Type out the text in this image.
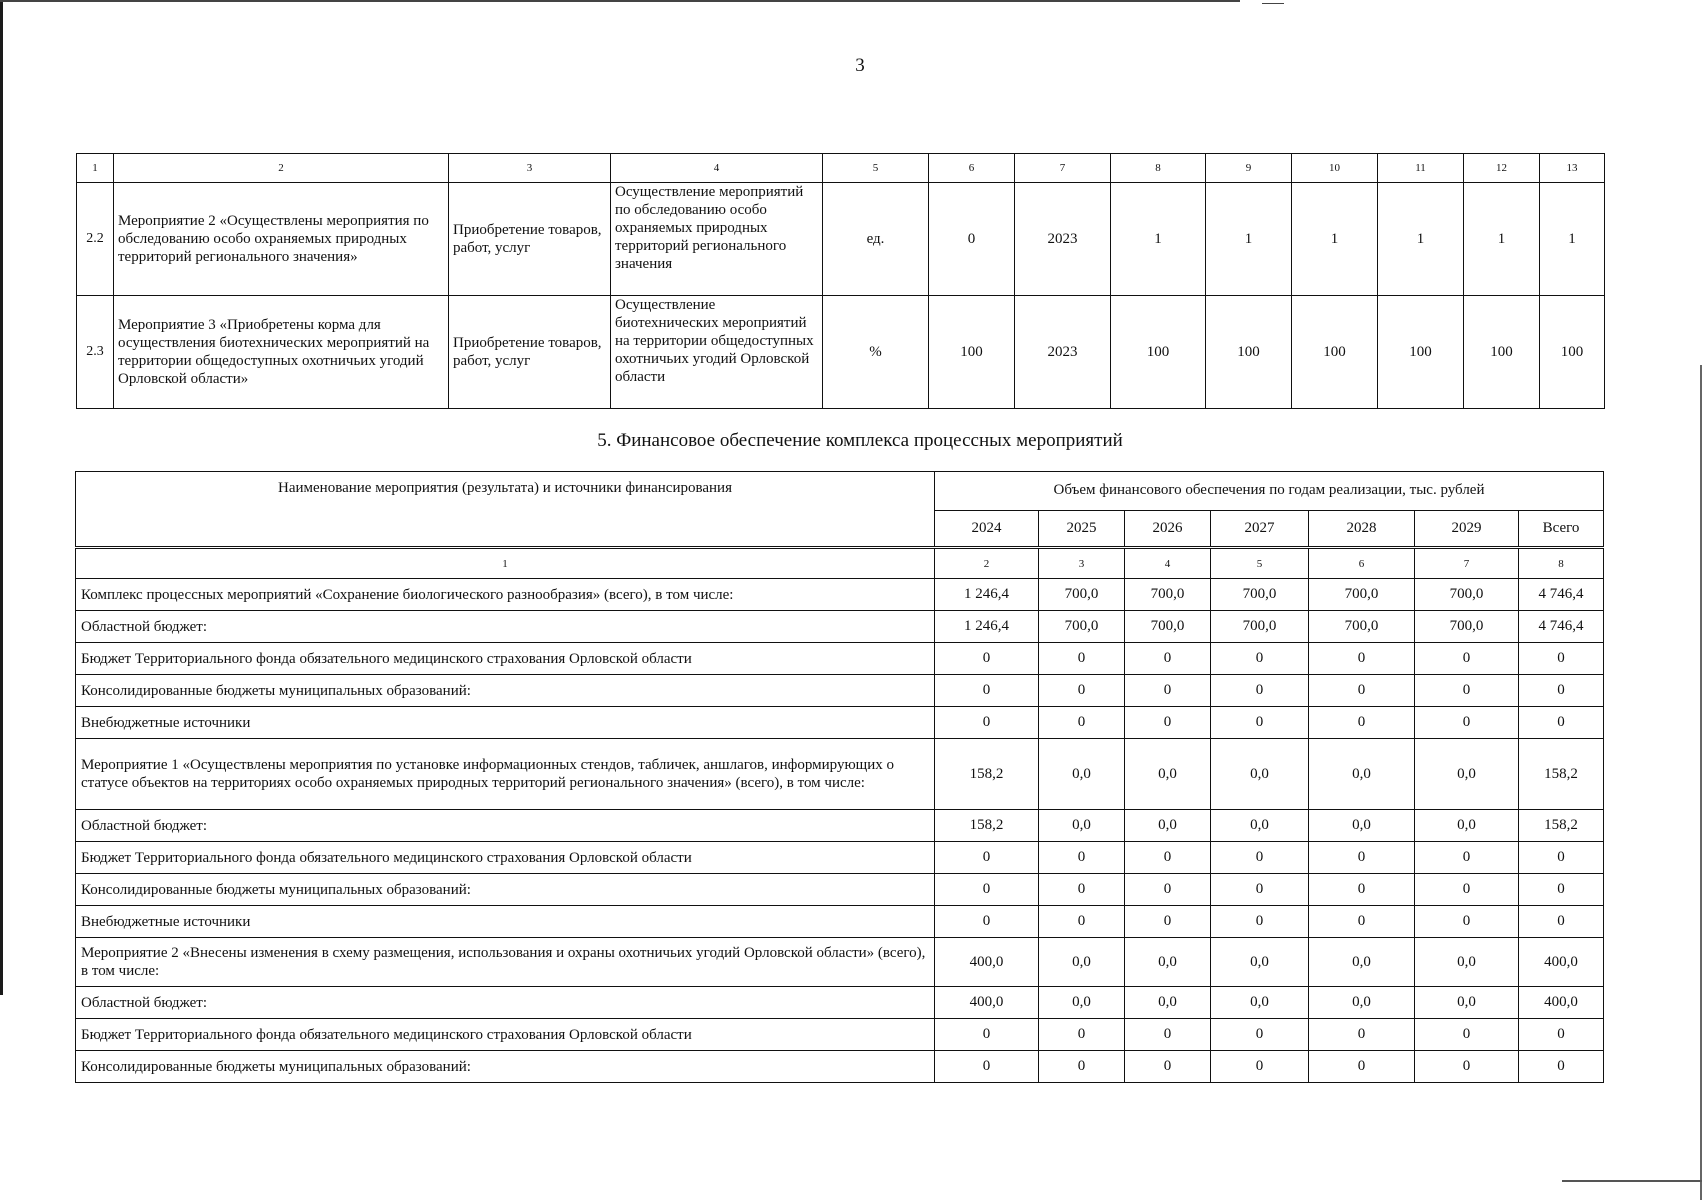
3
1	2	3	4	5	6	7	8	9	10	11	12	13
2.2	Мероприятие 2 «Осуществлены мероприятия по обследованию особо охраняемых природных территорий регионального значения»	Приобретение товаров, работ, услуг	Осуществление мероприятий по обследованию особо охраняемых природных территорий регионального значения	ед.	0	2023	1	1	1	1	1	1
2.3	Мероприятие 3 «Приобретены корма для осуществления биотехнических мероприятий на территории общедоступных охотничьих угодий Орловской области»	Приобретение товаров, работ, услуг	Осуществление биотехнических мероприятий на территории общедоступных охотничьих угодий Орловской области	%	100	2023	100	100	100	100	100	100
5. Финансовое обеспечение комплекса процессных мероприятий
Наименование мероприятия (результата) и источники финансирования	Объем финансового обеспечения по годам реализации, тыс. рублей						
	2024	2025	2026	2027	2028	2029	Всего
1	2	3	4	5	6	7	8
Комплекс процессных мероприятий «Сохранение биологического разнообразия» (всего), в том числе:	1 246,4	700,0	700,0	700,0	700,0	700,0	4 746,4
Областной бюджет:	1 246,4	700,0	700,0	700,0	700,0	700,0	4 746,4
Бюджет Территориального фонда обязательного медицинского страхования Орловской области	0	0	0	0	0	0	0
Консолидированные бюджеты муниципальных образований:	0	0	0	0	0	0	0
Внебюджетные источники	0	0	0	0	0	0	0
Мероприятие 1 «Осуществлены мероприятия по установке информационных стендов, табличек, аншлагов, информирующих о статусе объектов на территориях особо охраняемых природных территорий регионального значения» (всего), в том числе:	158,2	0,0	0,0	0,0	0,0	0,0	158,2
Областной бюджет:	158,2	0,0	0,0	0,0	0,0	0,0	158,2
Бюджет Территориального фонда обязательного медицинского страхования Орловской области	0	0	0	0	0	0	0
Консолидированные бюджеты муниципальных образований:	0	0	0	0	0	0	0
Внебюджетные источники	0	0	0	0	0	0	0
Мероприятие 2 «Внесены изменения в схему размещения, использования и охраны охотничьих угодий Орловской области» (всего), в том числе:	400,0	0,0	0,0	0,0	0,0	0,0	400,0
Областной бюджет:	400,0	0,0	0,0	0,0	0,0	0,0	400,0
Бюджет Территориального фонда обязательного медицинского страхования Орловской области	0	0	0	0	0	0	0
Консолидированные бюджеты муниципальных образований:	0	0	0	0	0	0	0
